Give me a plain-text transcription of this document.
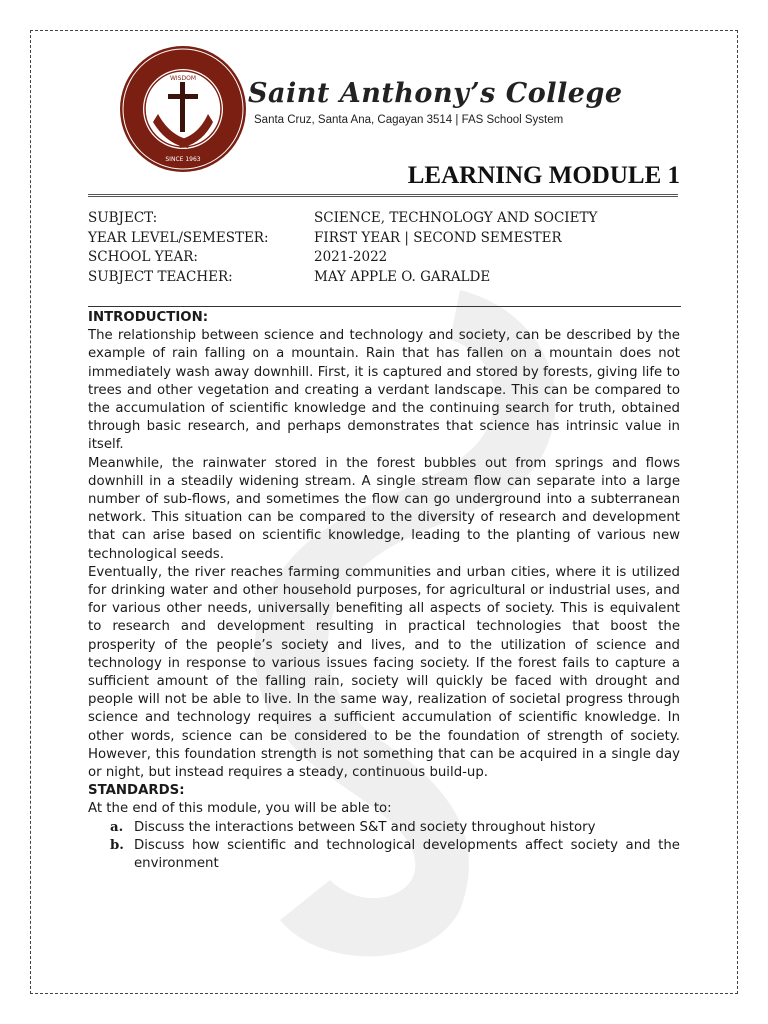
WISDOM
SINCE 1963
Saint Anthony’s College
Santa Cruz, Santa Ana, Cagayan 3514 | FAS School System
LEARNING MODULE 1
SUBJECT:	SCIENCE, TECHNOLOGY AND SOCIETY
YEAR LEVEL/SEMESTER:	FIRST YEAR | SECOND SEMESTER
SCHOOL YEAR:	2021-2022
SUBJECT TEACHER:	MAY APPLE O. GARALDE

INTRODUCTION:

The relationship between science and technology and society, can be described by the example of rain falling on a mountain. Rain that has fallen on a mountain does not immediately wash away downhill. First, it is captured and stored by forests, giving life to trees and other vegetation and creating a verdant landscape. This can be compared to the accumulation of scientific knowledge and the continuing search for truth, obtained through basic research, and perhaps demonstrates that science has intrinsic value in itself.

Meanwhile, the rainwater stored in the forest bubbles out from springs and flows downhill in a steadily widening stream. A single stream flow can separate into a large number of sub-flows, and sometimes the flow can go underground into a subterranean network. This situation can be compared to the diversity of research and development that can arise based on scientific knowledge, leading to the planting of various new technological seeds.

Eventually, the river reaches farming communities and urban cities, where it is utilized for drinking water and other household purposes, for agricultural or industrial uses, and for various other needs, universally benefiting all aspects of society. This is equivalent to research and development resulting in practical technologies that boost the prosperity of the people’s society and lives, and to the utilization of science and technology in response to various issues facing society. If the forest fails to capture a sufficient amount of the falling rain, society will quickly be faced with drought and people will not be able to live. In the same way, realization of societal progress through science and technology requires a sufficient accumulation of scientific knowledge. In other words, science can be considered to be the foundation of strength of society. However, this foundation strength is not something that can be acquired in a single day or night, but instead requires a steady, continuous build-up.

STANDARDS:

At the end of this module, you will be able to:

a. Discuss the interactions between S&T and society throughout history
b. Discuss how scientific and technological developments affect society and the environment
